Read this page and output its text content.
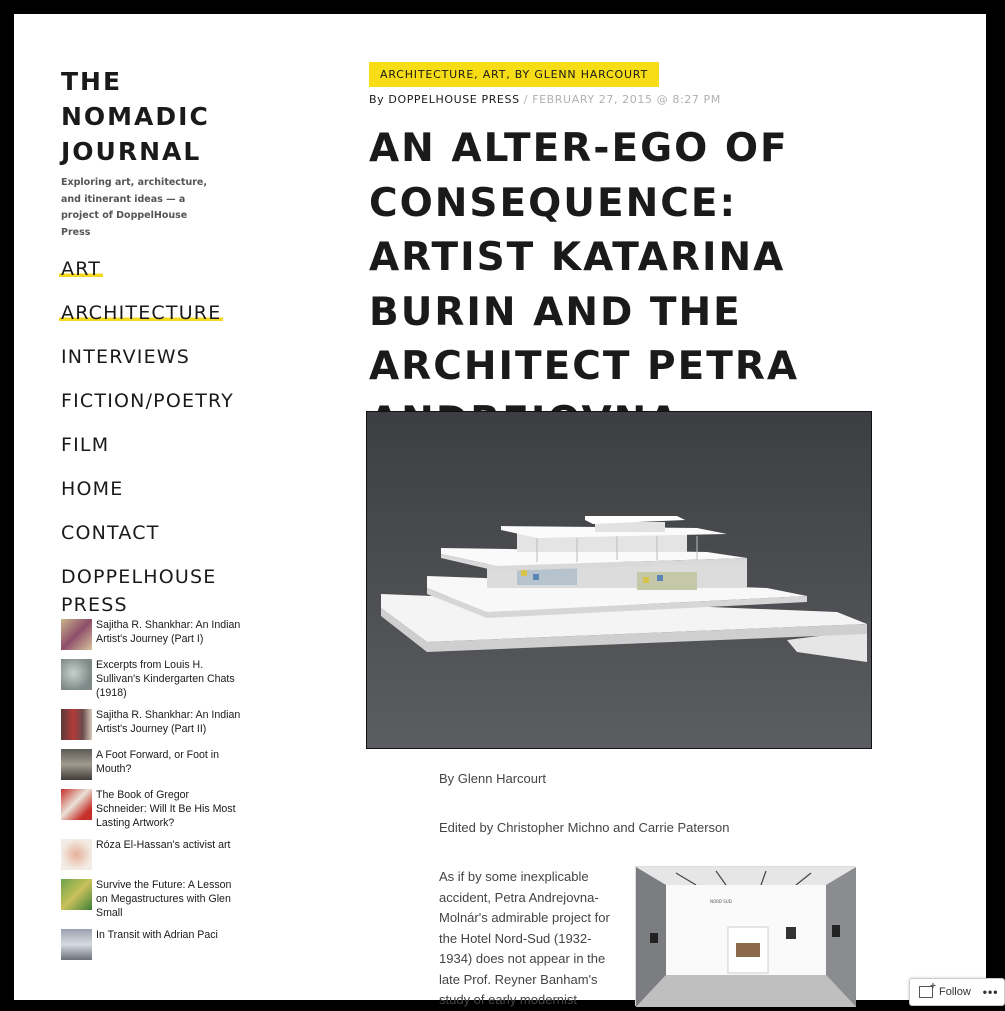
THE
NOMADIC
JOURNAL
Exploring art, architecture, and itinerant ideas — a project of DoppelHouse Press
ART
ARCHITECTURE
INTERVIEWS
FICTION/POETRY
FILM
HOME
CONTACT
DOPPELHOUSE PRESS
Sajitha R. Shankhar: An Indian Artist's Journey (Part I)
Excerpts from Louis H. Sullivan's Kindergarten Chats (1918)
Sajitha R. Shankhar: An Indian Artist's Journey (Part II)
A Foot Forward, or Foot in Mouth?
The Book of Gregor Schneider: Will It Be His Most Lasting Artwork?
Róza El-Hassan's activist art
Survive the Future: A Lesson on Megastructures with Glen Small
In Transit with Adrian Paci
ARCHITECTURE, ART, BY GLENN HARCOURT
By DOPPELHOUSE PRESS / FEBRUARY 27, 2015 @ 8:27 PM
AN ALTER-EGO OF CONSEQUENCE: ARTIST KATARINA BURIN AND THE ARCHITECT PETRA
By Glenn Harcourt
Edited by Christopher Michno and Carrie Paterson
As if by some inexplicable accident, Petra Andrejovna-Molnár's admirable project for the Hotel Nord-Sud (1932-1934) does not appear in the late Prof. Reyner Banham's study of early modernist
NORD SUD
+
Follow •••
